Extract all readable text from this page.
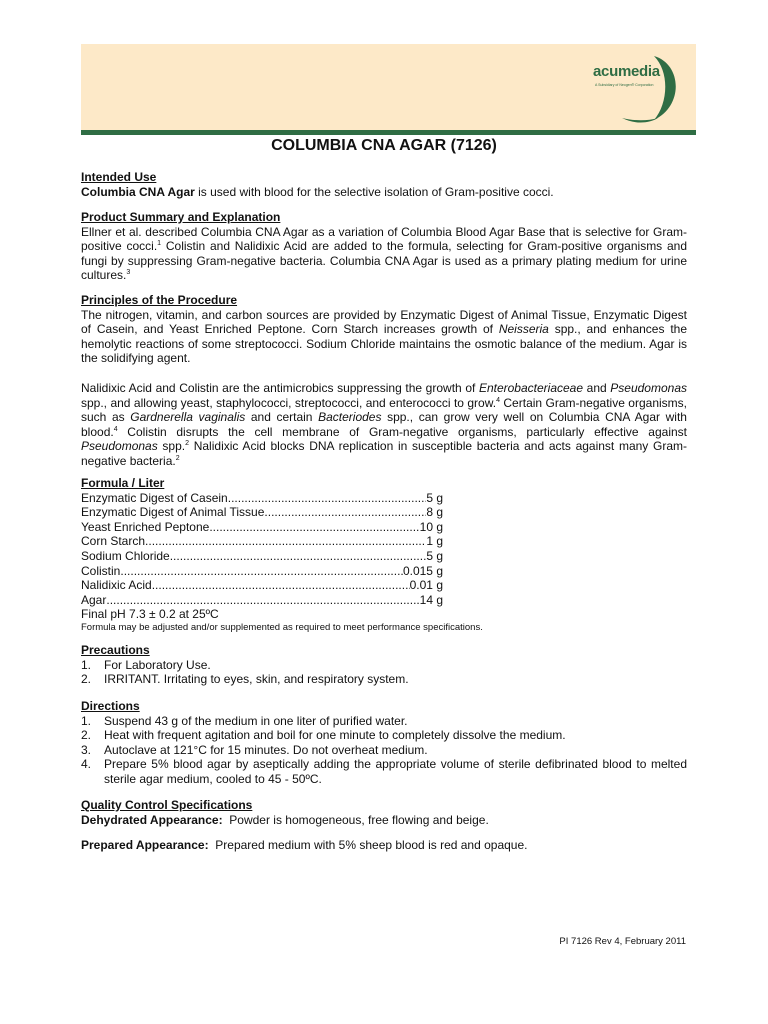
acumedia
A Subsidiary of Neogen® Corporation
COLUMBIA CNA AGAR (7126)

Intended Use

Columbia CNA Agar is used with blood for the selective isolation of Gram-positive cocci.

Product Summary and Explanation

Ellner et al. described Columbia CNA Agar as a variation of Columbia Blood Agar Base that is selective for Gram-positive cocci.$^1$ Colistin and Nalidixic Acid are added to the formula, selecting for Gram-positive organisms and fungi by suppressing Gram-negative bacteria. Columbia CNA Agar is used as a primary plating medium for urine cultures.$^3$

Principles of the Procedure

The nitrogen, vitamin, and carbon sources are provided by Enzymatic Digest of Animal Tissue, Enzymatic Digest of Casein, and Yeast Enriched Peptone. Corn Starch increases growth of Neisseria spp., and enhances the hemolytic reactions of some streptococci. Sodium Chloride maintains the osmotic balance of the medium. Agar is the solidifying agent.

Nalidixic Acid and Colistin are the antimicrobics suppressing the growth of Enterobacteriaceae and Pseudomonas spp., and allowing yeast, staphylococci, streptococci, and enterococci to grow.$^4$ Certain Gram-negative organisms, such as Gardnerella vaginalis and certain Bacteriodes spp., can grow very well on Columbia CNA Agar with blood.$^4$ Colistin disrupts the cell membrane of Gram-negative organisms, particularly effective against Pseudomonas spp.$^2$ Nalidixic Acid blocks DNA replication in susceptible bacteria and acts against many Gram-negative bacteria.$^2$

Formula / Liter

Enzymatic Digest of Casein .....	5 g
Enzymatic Digest of Animal Tissue .....	8 g
Yeast Enriched Peptone .....	10 g
Corn Starch .....	1 g
Sodium Chloride .....	5 g
Colistin .....	0.015 g
Nalidixic Acid .....	0.01 g
Agar .....	14 g

Final pH 7.3 ± 0.2 at 25ºC

Formula may be adjusted and/or supplemented as required to meet performance specifications.

Precautions

1.	For Laboratory Use.
2.	IRRITANT. Irritating to eyes, skin, and respiratory system.

Directions

1.	Suspend 43 g of the medium in one liter of purified water.
2.	Heat with frequent agitation and boil for one minute to completely dissolve the medium.
3.	Autoclave at 121°C for 15 minutes. Do not overheat medium.
4.	Prepare 5% blood agar by aseptically adding the appropriate volume of sterile defibrinated blood to melted sterile agar medium, cooled to 45 - 50ºC.

Quality Control Specifications

Dehydrated Appearance:  Powder is homogeneous, free flowing and beige.

Prepared Appearance:  Prepared medium with 5% sheep blood is red and opaque.

PI 7126 Rev 4, February 2011
